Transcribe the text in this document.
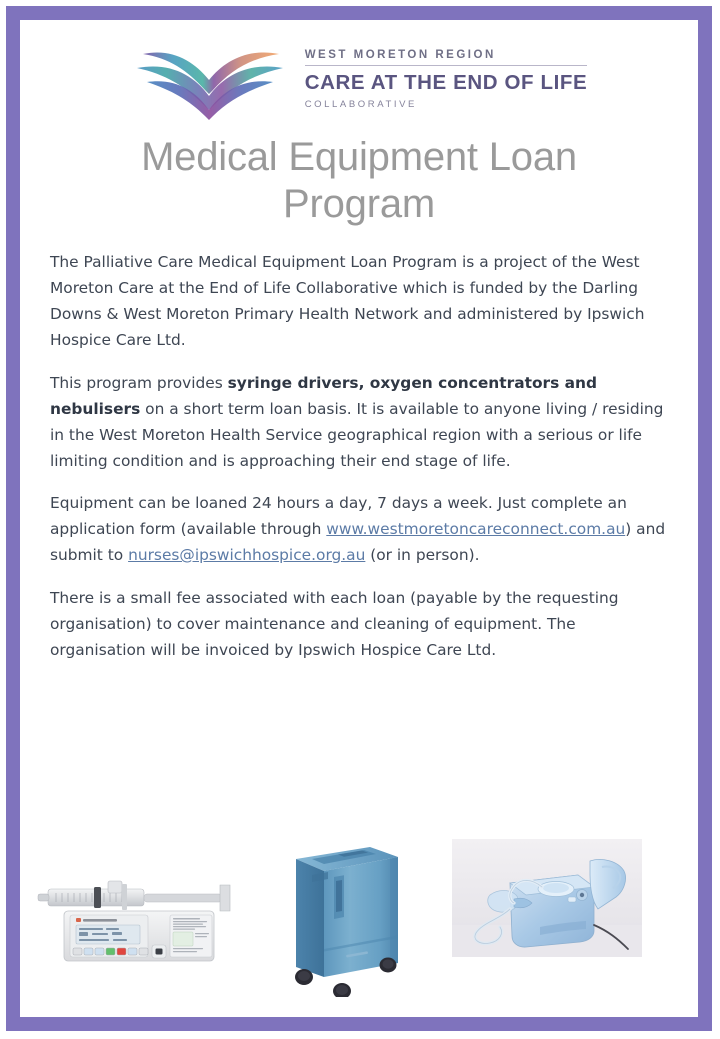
WEST MORETON REGION
CARE AT THE END OF LIFE
COLLABORATIVE
Medical Equipment Loan Program

The Palliative Care Medical Equipment Loan Program is a project of the West Moreton Care at the End of Life Collaborative which is funded by the Darling Downs & West Moreton Primary Health Network and administered by Ipswich Hospice Care Ltd.

This program provides syringe drivers, oxygen concentrators and nebulisers on a short term loan basis. It is available to anyone living / residing in the West Moreton Health Service geographical region with a serious or life limiting condition and is approaching their end stage of life.

Equipment can be loaned 24 hours a day, 7 days a week. Just complete an application form (available through www.westmoretoncareconnect.com.au) and submit to nurses@ipswichhospice.org.au (or in person).

There is a small fee associated with each loan (payable by the requesting organisation) to cover maintenance and cleaning of equipment. The organisation will be invoiced by Ipswich Hospice Care Ltd.
